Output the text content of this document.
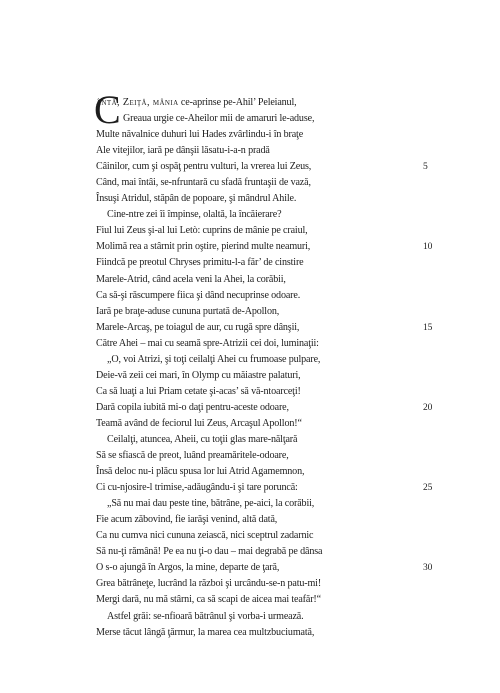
C
ântă, Zeiţă, mânia ce-aprinse pe-Ahil’ Peleianul,
Greaua urgie ce-Aheilor mii de amaruri le-aduse,
Multe năvalnice duhuri lui Hades zvârlindu-i în braţe
Ale vitejilor, iară pe dânşii lăsatu-i-a-n pradă
Câinilor, cum şi ospăţ pentru vulturi, la vrerea lui Zeus,	5
Când, mai întâi, se-nfruntară cu sfadă fruntaşii de vază,
Însuşi Atridul, stăpân de popoare, şi mândrul Ahile.
Cine-ntre zei îi împinse, olaltă, la încăierare?
Fiul lui Zeus şi-al lui Letò: cuprins de mânie pe craiul,
Molimă rea a stârnit prin oştire, pierind multe neamuri,	10
Fiindcă pe preotul Chryses primitu-l-a făr’ de cinstire
Marele-Atrid, când acela veni la Ahei, la corăbii,
Ca să-şi răscumpere fiica şi dând necuprinse odoare.
Iară pe braţe-aduse cununa purtată de-Apollon,
Marele-Arcaş, pe toiagul de aur, cu rugă spre dânşii,	15
Către Ahei – mai cu seamă spre-Atrizii cei doi, luminaţii:
„O, voi Atrizi, şi toţi ceilalţi Ahei cu frumoase pulpare,
Deie-vă zeii cei mari, în Olymp cu măiastre palaturi,
Ca să luaţi a lui Priam cetate şi-acas’ să vă-ntoarceţi!
Dară copila iubită mi-o daţi pentru-aceste odoare,	20
Teamă având de feciorul lui Zeus, Arcaşul Apollon!“
Ceilalţi, atuncea, Aheii, cu toţii glas mare-nălţară
Să se sfiască de preot, luând preamăritele-odoare,
Însă deloc nu-i plăcu spusa lor lui Atrid Agamemnon,
Ci cu-njosire-l trimise,-adăugându-i şi tare poruncă:	25
„Să nu mai dau peste tine, bătrâne, pe-aici, la corăbii,
Fie acum zăbovind, fie iarăşi venind, altă dată,
Ca nu cumva nici cununa zeiască, nici sceptrul zadarnic
Să nu-ţi rămână! Pe ea nu ţi-o dau – mai degrabă pe dânsa
O s-o ajungă în Argos, la mine, departe de ţară,	30
Grea bătrâneţe, lucrând la război şi urcându-se-n patu-mi!
Mergi dară, nu mă stârni, ca să scapi de aicea mai teafăr!“
Astfel grăi: se-nfioară bătrânul şi vorba-i urmează.
Merse tăcut lângă ţărmur, la marea cea multzbuciumată,
